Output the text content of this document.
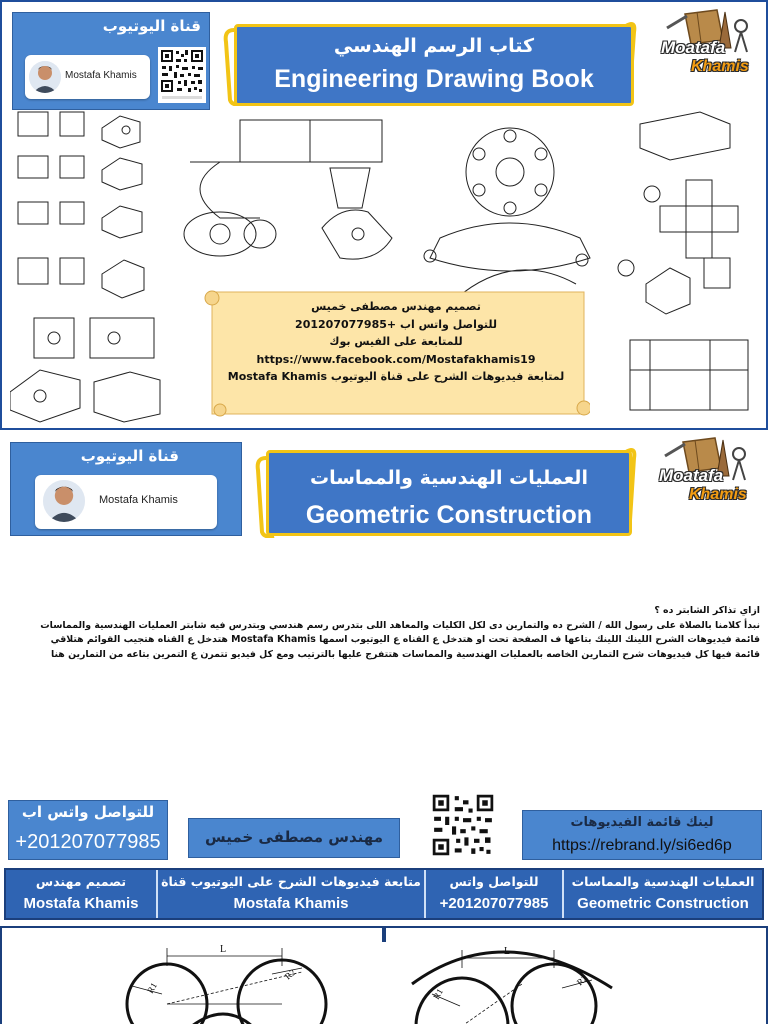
قناة اليوتيوب
Mostafa Khamis
كتاب الرسم الهندسي
Engineering Drawing Book
Moatafa
Khamis
تصميم مهندس مصطفى خميس
للتواصل واتس اب +201207077985
للمتابعة على الفيس بوك
https://www.facebook.com/Mostafakhamis19
لمتابعة فيديوهات الشرح على قناة اليوتيوب Mostafa Khamis
قناة اليوتيوب
Mostafa Khamis
العمليات الهندسية والمماسات
Geometric Construction
Moatafa
Khamis
ازاي تذاكر الشابتر ده ؟
نبدأ كلامنا بالصلاة على رسول الله / الشرح ده والتمارين دى لكل الكليات والمعاهد اللى بتدرس رسم هندسي وبتدرس فيه شابتر العمليات الهندسية والمماسات
قائمة فيديوهات الشرح اللينك اللينك بتاعها ف الصفحة تحت او هتدخل ع القناه ع اليوتيوب اسمها Mostafa Khamis هتدخل ع القناه هتجيب القوائم هتلاقي
قائمة فيها كل فيديوهات شرح التمارين الخاصه بالعمليات الهندسية والمماسات هتتفرج عليها بالترتيب ومع كل فيديو تتمرن ع التمرين بتاعه من التمارين هنا
للتواصل واتس اب
+201207077985	مهندس مصطفى خميس
لينك قائمة الفيديوهات
https://rebrand.ly/si6ed6p
تصميم مهندس
Mostafa Khamis
متابعة فيديوهات الشرح على اليوتيوب قناة
Mostafa Khamis
للتواصل واتس
+201207077985
العمليات الهندسية والمماسات
Geometric Construction
L
R1
R2
L
R1
R2
